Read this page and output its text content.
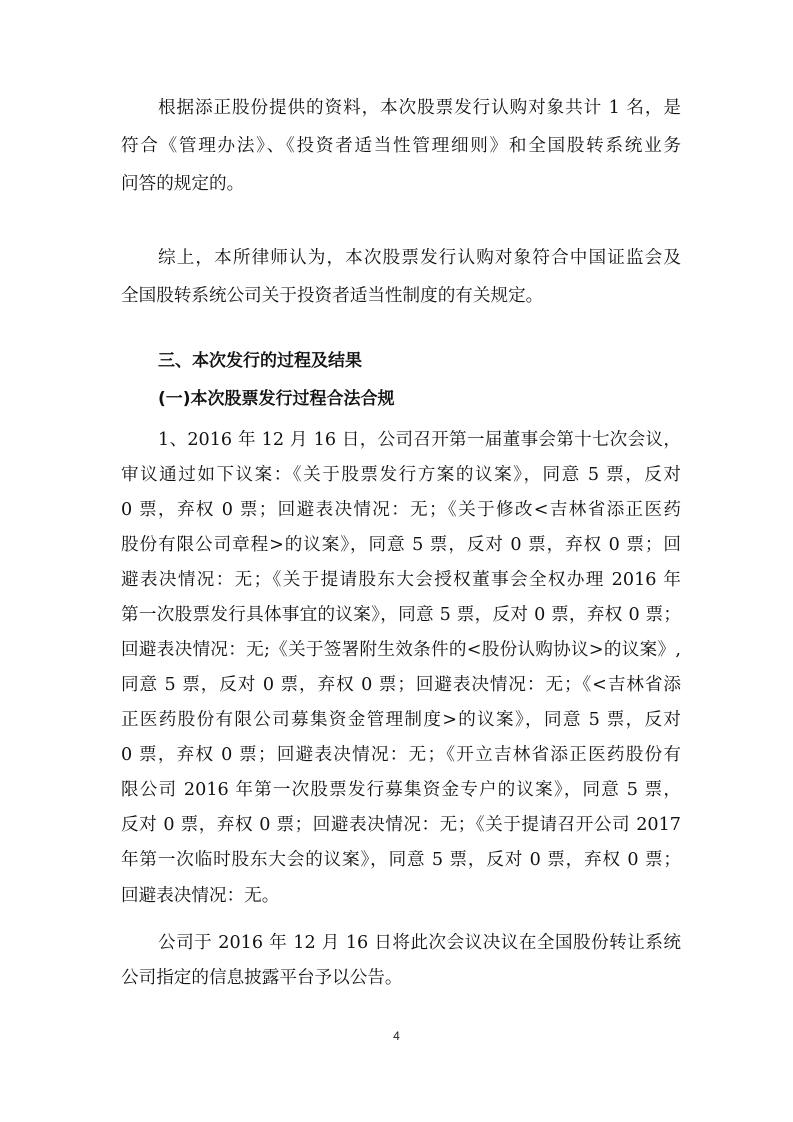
根据添正股份提供的资料，本次股票发行认购对象共计 1 名，是
符合《管理办法》、《投资者适当性管理细则》和全国股转系统业务
问答的规定的。
综上，本所律师认为，本次股票发行认购对象符合中国证监会及
全国股转系统公司关于投资者适当性制度的有关规定。
三、本次发行的过程及结果
(一)本次股票发行过程合法合规
1、2016 年 12 月 16 日，公司召开第一届董事会第十七次会议，
审议通过如下议案：《关于股票发行方案的议案》，同意 5 票，反对
0 票，弃权 0 票；回避表决情况：无；《关于修改<吉林省添正医药
股份有限公司章程>的议案》，同意 5 票，反对 0 票，弃权 0 票；回
避表决情况：无；《关于提请股东大会授权董事会全权办理 2016 年
第一次股票发行具体事宜的议案》，同意 5 票，反对 0 票，弃权 0 票；
回避表决情况：无;《关于签署附生效条件的<股份认购协议>的议案》,
同意 5 票，反对 0 票，弃权 0 票；回避表决情况：无；《<吉林省添
正医药股份有限公司募集资金管理制度>的议案》，同意 5 票，反对
0 票，弃权 0 票；回避表决情况：无；《开立吉林省添正医药股份有
限公司 2016 年第一次股票发行募集资金专户的议案》，同意 5 票，
反对 0 票，弃权 0 票；回避表决情况：无；《关于提请召开公司 2017
年第一次临时股东大会的议案》，同意 5 票，反对 0 票，弃权 0 票；
回避表决情况：无。
公司于 2016 年 12 月 16 日将此次会议决议在全国股份转让系统
公司指定的信息披露平台予以公告。
4
